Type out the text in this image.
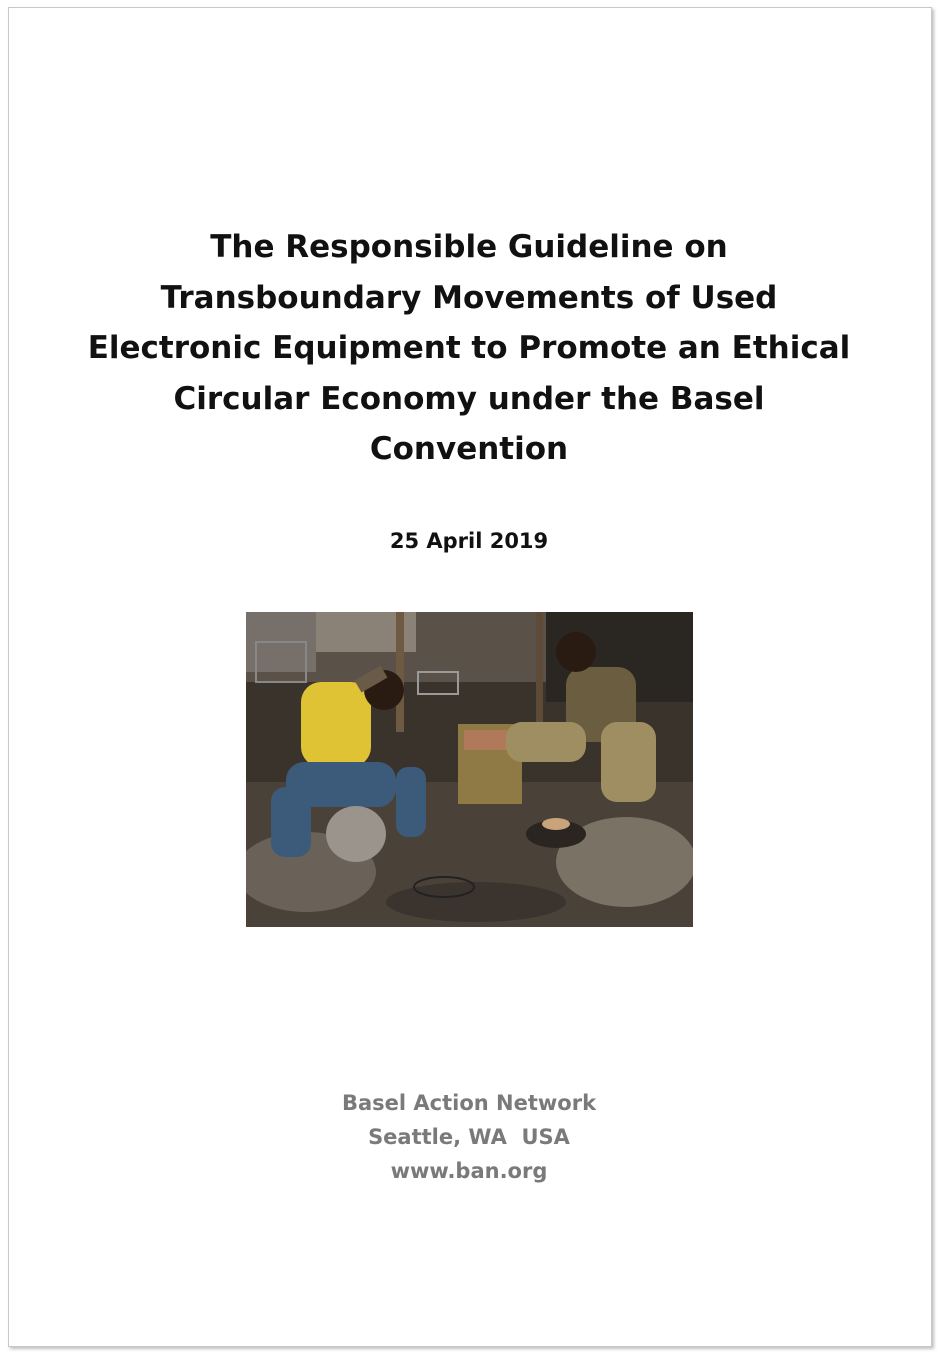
The Responsible Guideline on
Transboundary Movements of Used
Electronic Equipment to Promote an Ethical
Circular Economy under the Basel
Convention
25 April 2019
Basel Action Network
Seattle, WA  USA
www.ban.org
